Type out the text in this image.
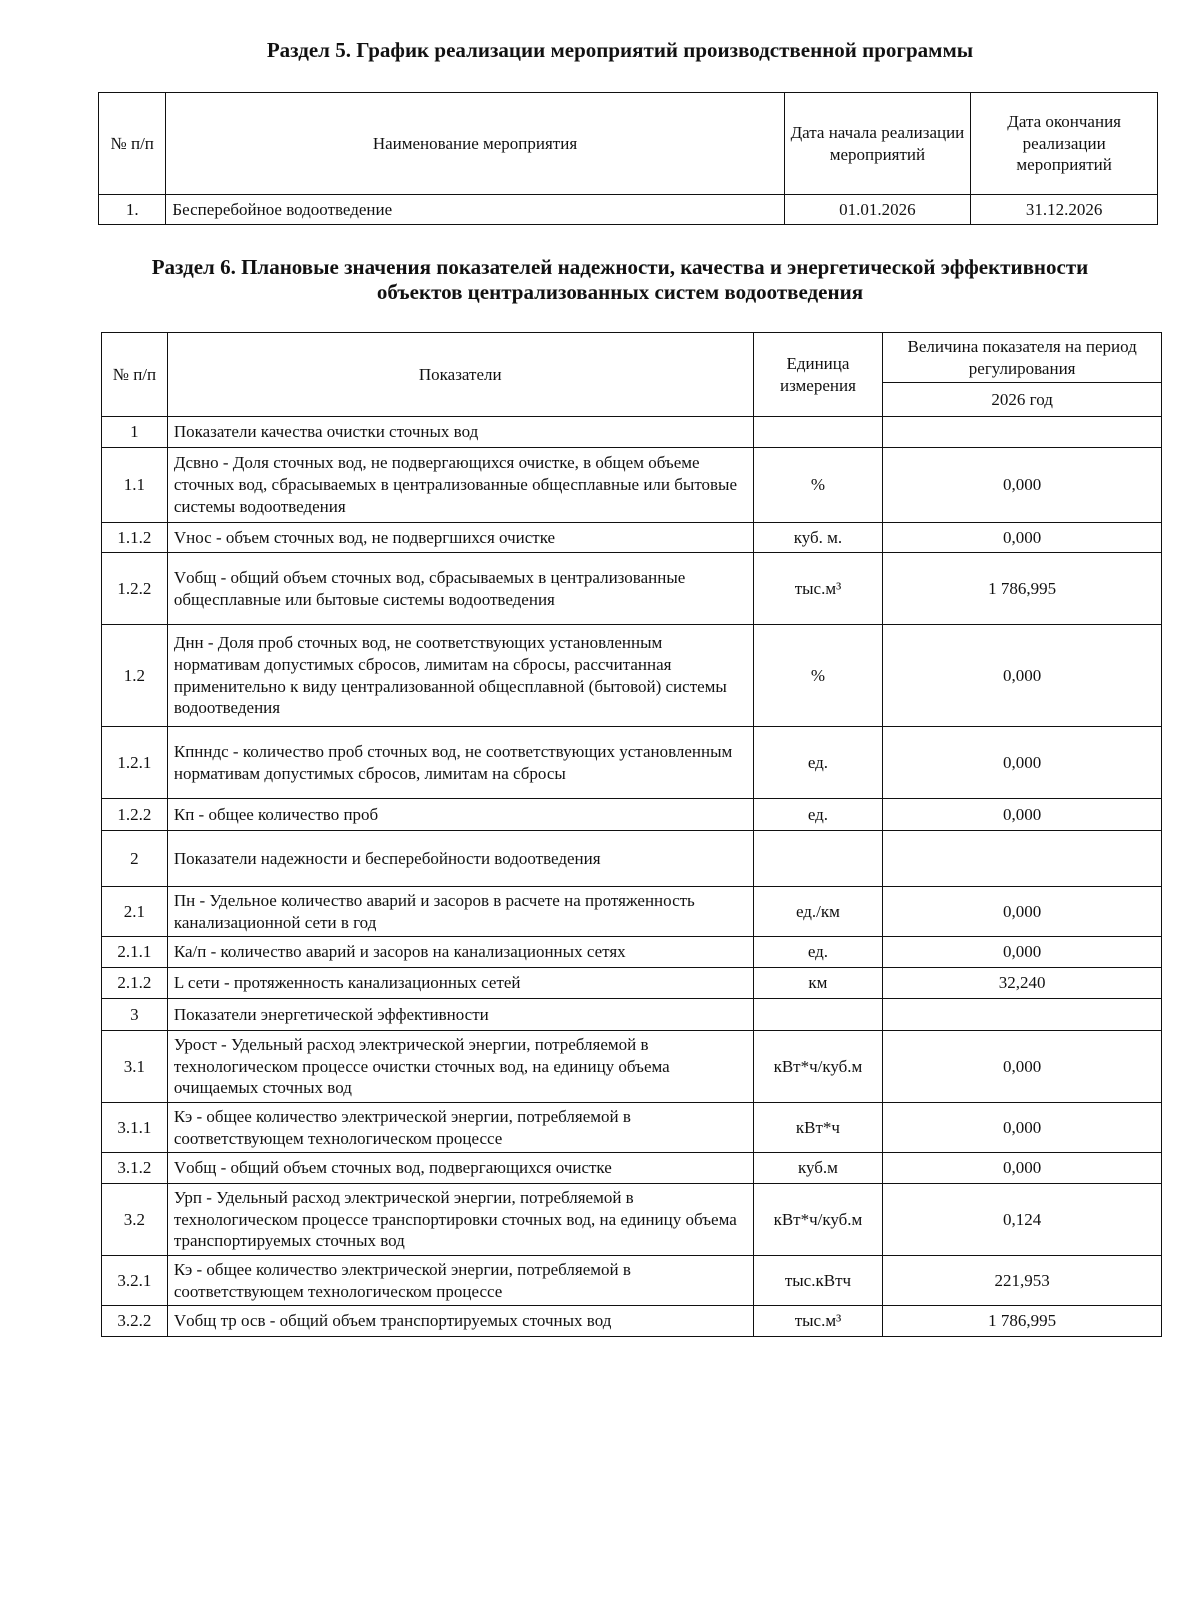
Раздел 5. График реализации мероприятий производственной программы
№ п/п	Наименование мероприятия	Дата начала реализации мероприятий	Дата окончания реализации мероприятий
1.	Бесперебойное водоотведение	01.01.2026	31.12.2026
Раздел 6. Плановые значения показателей надежности, качества и энергетической эффективности объектов централизованных систем водоотведения
№ п/п	Показатели	Единица измерения	Величина показателя на период регулирования
			2026 год
1	Показатели качества очистки сточных вод		
1.1	Дсвно - Доля сточных вод, не подвергающихся очистке, в общем объеме сточных вод, сбрасываемых в централизованные общесплавные или бытовые системы водоотведения	%	0,000
1.1.2	Vнос - объем сточных вод, не подвергшихся очистке	куб. м.	0,000
1.2.2	Vобщ - общий объем сточных вод, сбрасываемых в централизованные общесплавные или бытовые системы водоотведения	тыс.м³	1 786,995
1.2	Днн - Доля проб сточных вод, не соответствующих установленным нормативам допустимых сбросов, лимитам на сбросы, рассчитанная применительно к виду централизованной общесплавной (бытовой) системы водоотведения	%	0,000
1.2.1	Кпнндс - количество проб сточных вод, не соответствующих установленным нормативам допустимых сбросов, лимитам на сбросы	ед.	0,000
1.2.2	Кп - общее количество проб	ед.	0,000
2	Показатели надежности и бесперебойности водоотведения		
2.1	Пн - Удельное количество аварий и засоров в расчете на протяженность канализационной сети в год	ед./км	0,000
2.1.1	Ка/п - количество аварий и засоров на канализационных сетях	ед.	0,000
2.1.2	L сети - протяженность канализационных сетей	км	32,240
3	Показатели энергетической эффективности		
3.1	Урост - Удельный расход электрической энергии, потребляемой в технологическом процессе очистки сточных вод, на единицу объема очищаемых сточных вод	кВт*ч/куб.м	0,000
3.1.1	Кэ - общее количество электрической энергии, потребляемой в соответствующем технологическом процессе	кВт*ч	0,000
3.1.2	Vобщ - общий объем сточных вод, подвергающихся очистке	куб.м	0,000
3.2	Урп - Удельный расход электрической энергии, потребляемой в технологическом процессе транспортировки сточных вод, на единицу объема транспортируемых сточных вод	кВт*ч/куб.м	0,124
3.2.1	Кэ - общее количество электрической энергии, потребляемой в соответствующем технологическом процессе	тыс.кВтч	221,953
3.2.2	Vобщ тр осв - общий объем транспортируемых сточных вод	тыс.м³	1 786,995
